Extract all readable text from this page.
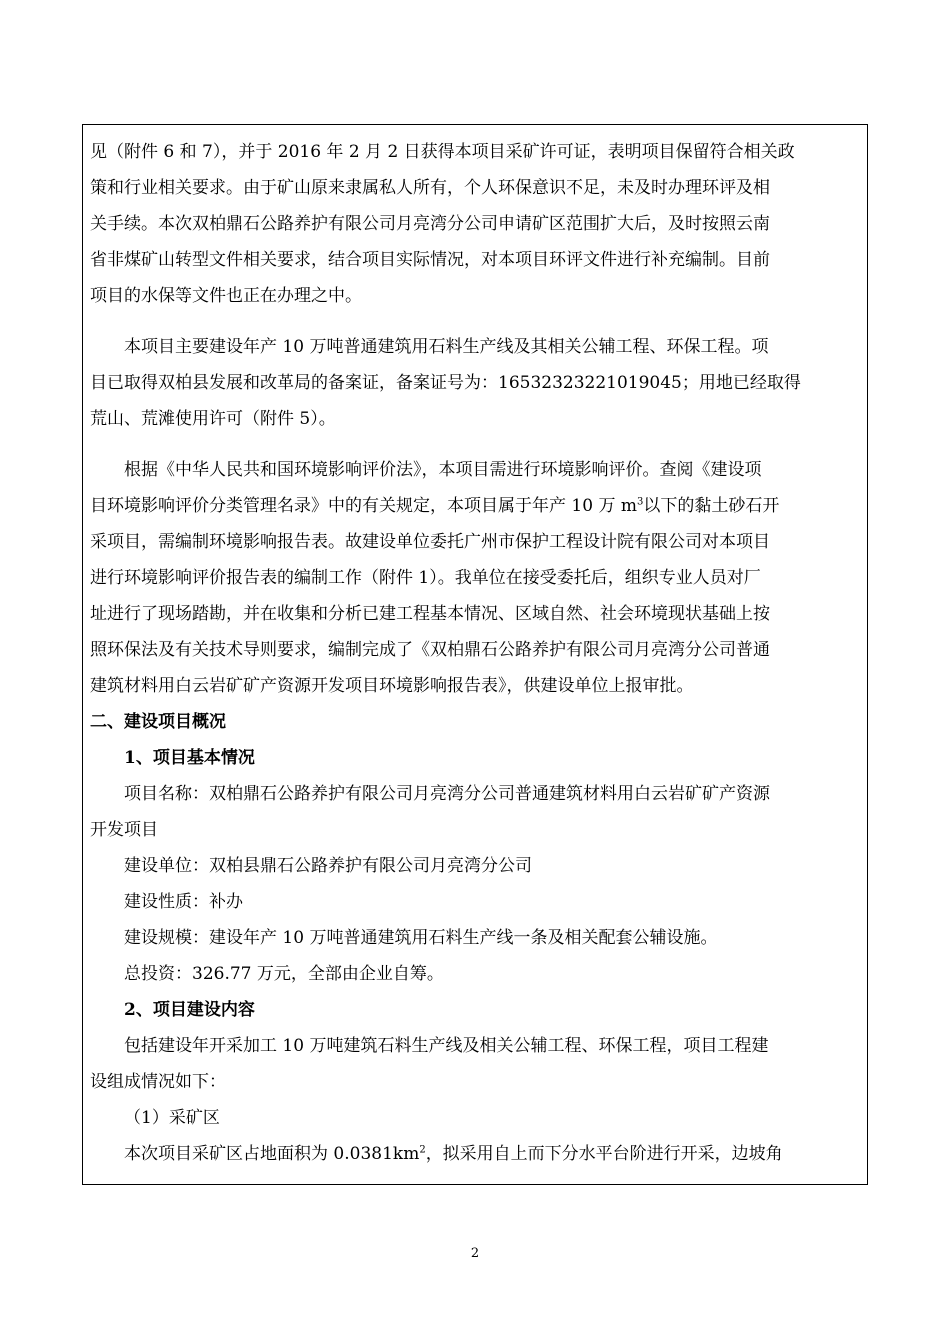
见（附件 6 和 7），并于 2016 年 2 月 2 日获得本项目采矿许可证，表明项目保留符合相关政
策和行业相关要求。由于矿山原来隶属私人所有，个人环保意识不足，未及时办理环评及相
关手续。本次双柏鼎石公路养护有限公司月亮湾分公司申请矿区范围扩大后，及时按照云南
省非煤矿山转型文件相关要求，结合项目实际情况，对本项目环评文件进行补充编制。目前
项目的水保等文件也正在办理之中。
本项目主要建设年产 10 万吨普通建筑用石料生产线及其相关公辅工程、环保工程。项
目已取得双柏县发展和改革局的备案证，备案证号为：16532323221019045；用地已经取得
荒山、荒滩使用许可（附件 5）。
根据《中华人民共和国环境影响评价法》，本项目需进行环境影响评价。查阅《建设项
目环境影响评价分类管理名录》中的有关规定，本项目属于年产 10 万 $m^3$以下的黏土砂石开
采项目，需编制环境影响报告表。故建设单位委托广州市保护工程设计院有限公司对本项目
进行环境影响评价报告表的编制工作（附件 1）。我单位在接受委托后，组织专业人员对厂
址进行了现场踏勘，并在收集和分析已建工程基本情况、区域自然、社会环境现状基础上按
照环保法及有关技术导则要求，编制完成了《双柏鼎石公路养护有限公司月亮湾分公司普通
建筑材料用白云岩矿矿产资源开发项目环境影响报告表》，供建设单位上报审批。
二、建设项目概况
1、项目基本情况
项目名称：双柏鼎石公路养护有限公司月亮湾分公司普通建筑材料用白云岩矿矿产资源
开发项目
建设单位：双柏县鼎石公路养护有限公司月亮湾分公司
建设性质：补办
建设规模：建设年产 10 万吨普通建筑用石料生产线一条及相关配套公辅设施。
总投资：326.77 万元，全部由企业自筹。
2、项目建设内容
包括建设年开采加工 10 万吨建筑石料生产线及相关公辅工程、环保工程，项目工程建
设组成情况如下：
（1）采矿区
本次项目采矿区占地面积为 $0.0381km^2$，拟采用自上而下分水平台阶进行开采，边坡角
2
